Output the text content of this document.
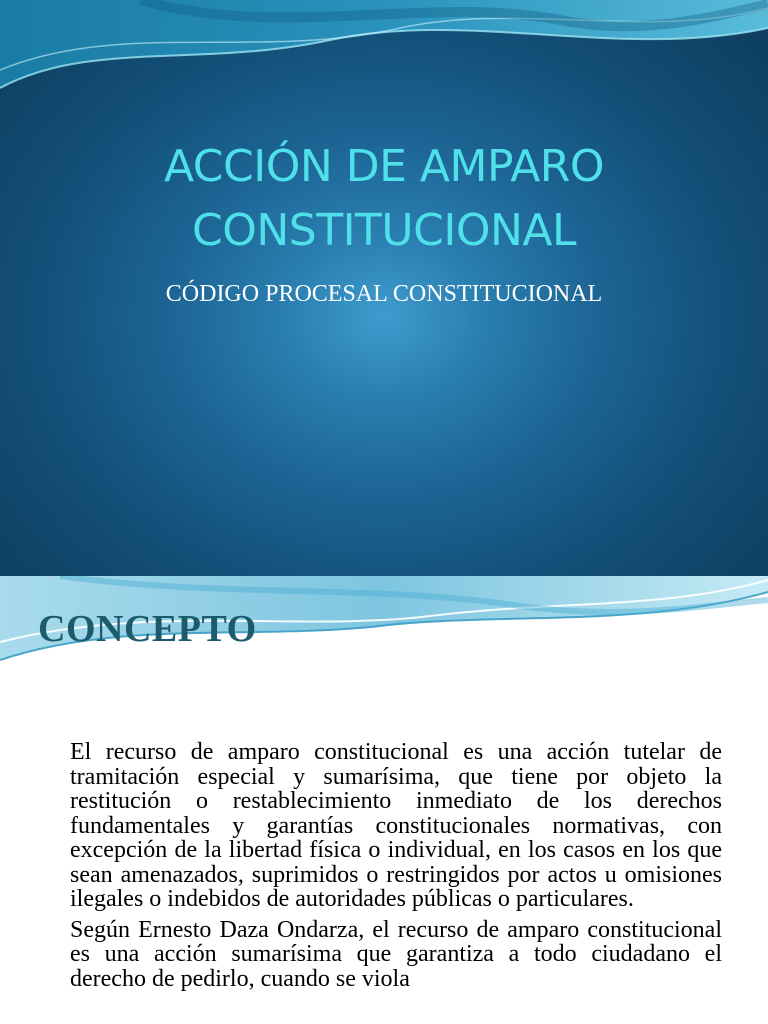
ACCIÓN DE AMPARO
CONSTITUCIONAL
CÓDIGO PROCESAL CONSTITUCIONAL
CONCEPTO

El recurso de amparo constitucional es una acción tutelar de tramitación especial y sumarísima, que tiene por objeto la restitución o restablecimiento inmediato de los derechos fundamentales y garantías constitucionales normativas, con excepción de la libertad física o individual, en los casos en los que sean amenazados, suprimidos o restringidos por actos u omisiones ilegales o indebidos de autoridades públicas o particulares.

Según Ernesto Daza Ondarza, el recurso de amparo constitucional es una acción sumarísima que garantiza a todo ciudadano el derecho de pedirlo, cuando se viola
